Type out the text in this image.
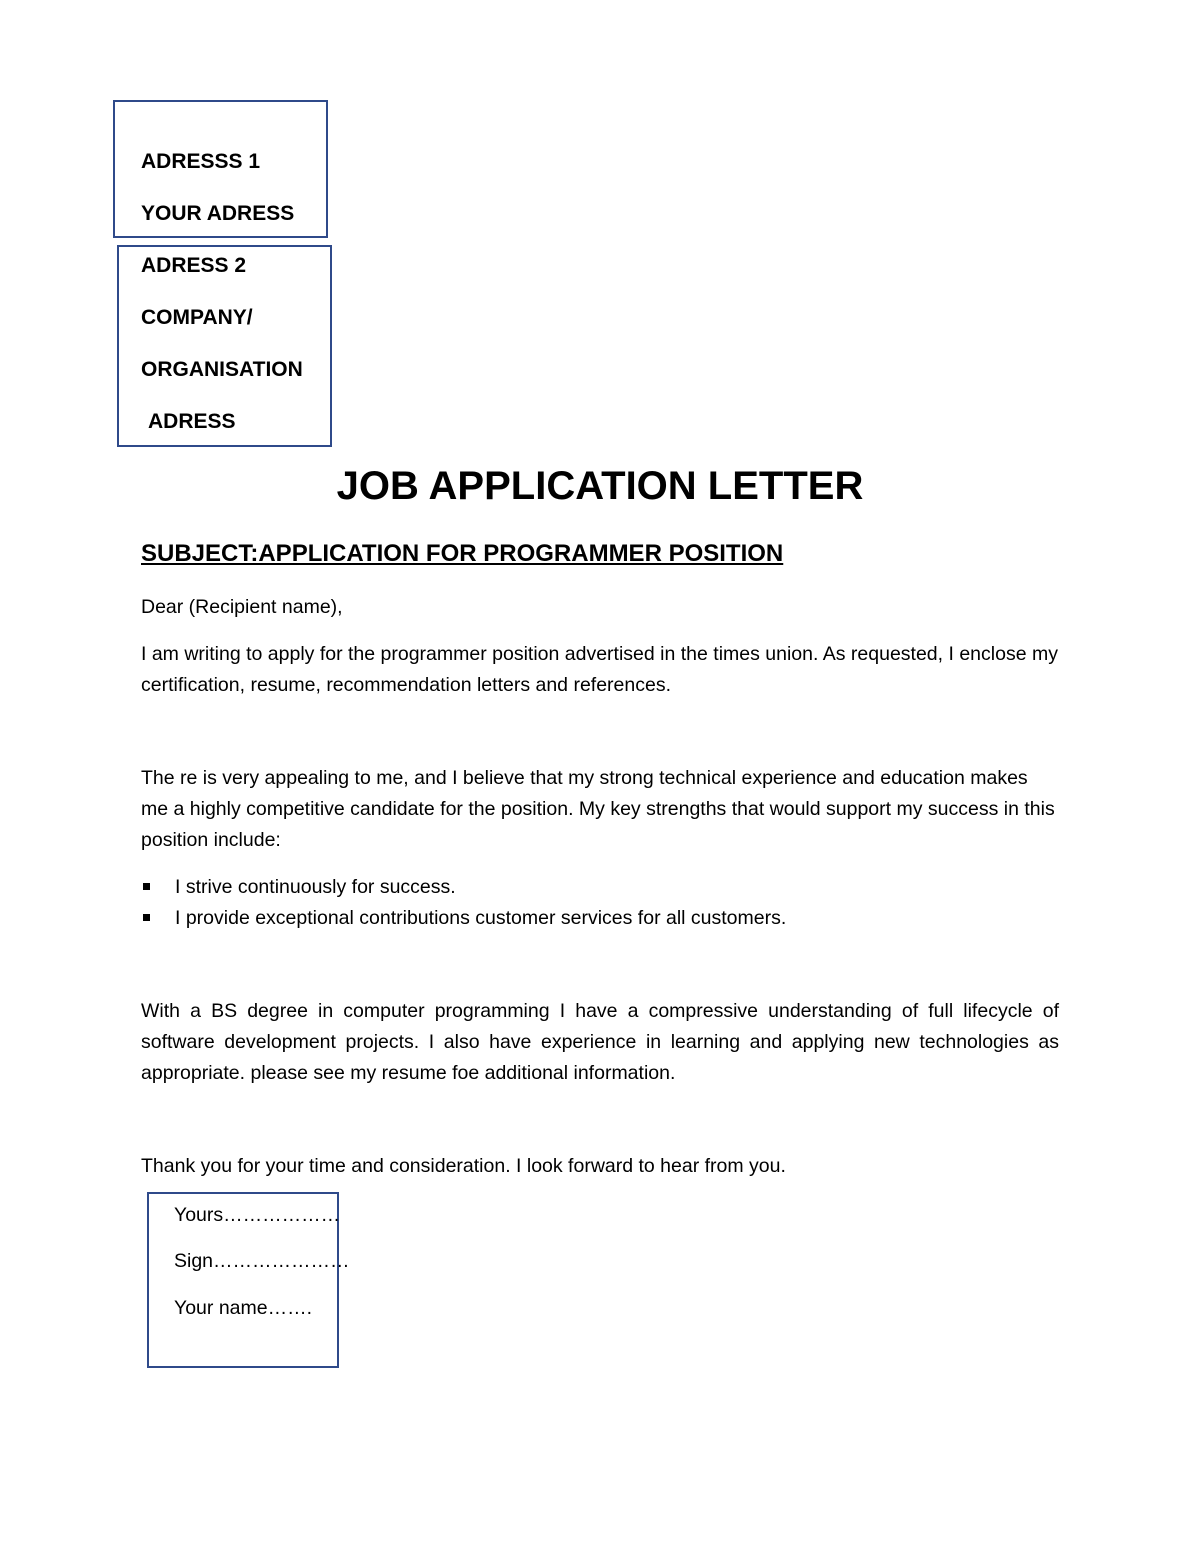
ADRESSS 1
YOUR ADRESS
ADRESS 2
COMPANY/
ORGANISATION
ADRESS
JOB APPLICATION LETTER
SUBJECT:APPLICATION FOR PROGRAMMER POSITION

Dear (Recipient name),

I am writing to apply for the programmer position advertised in the times union. As requested, I enclose my certification, resume, recommendation letters and references.

The re is very appealing to me, and I believe that my strong technical experience and education makes me a highly competitive candidate for the position. My key strengths that would support my success in this position include:

I strive continuously for success.
I provide exceptional contributions customer services for all customers.

With a BS degree in computer programming I have a compressive understanding of full lifecycle of software development projects. I also have experience in learning and applying new technologies as appropriate. please see my resume foe additional information.

Thank you for your time and consideration. I look forward to hear from you.

Yours………………
Sign…………………
Your name…….
